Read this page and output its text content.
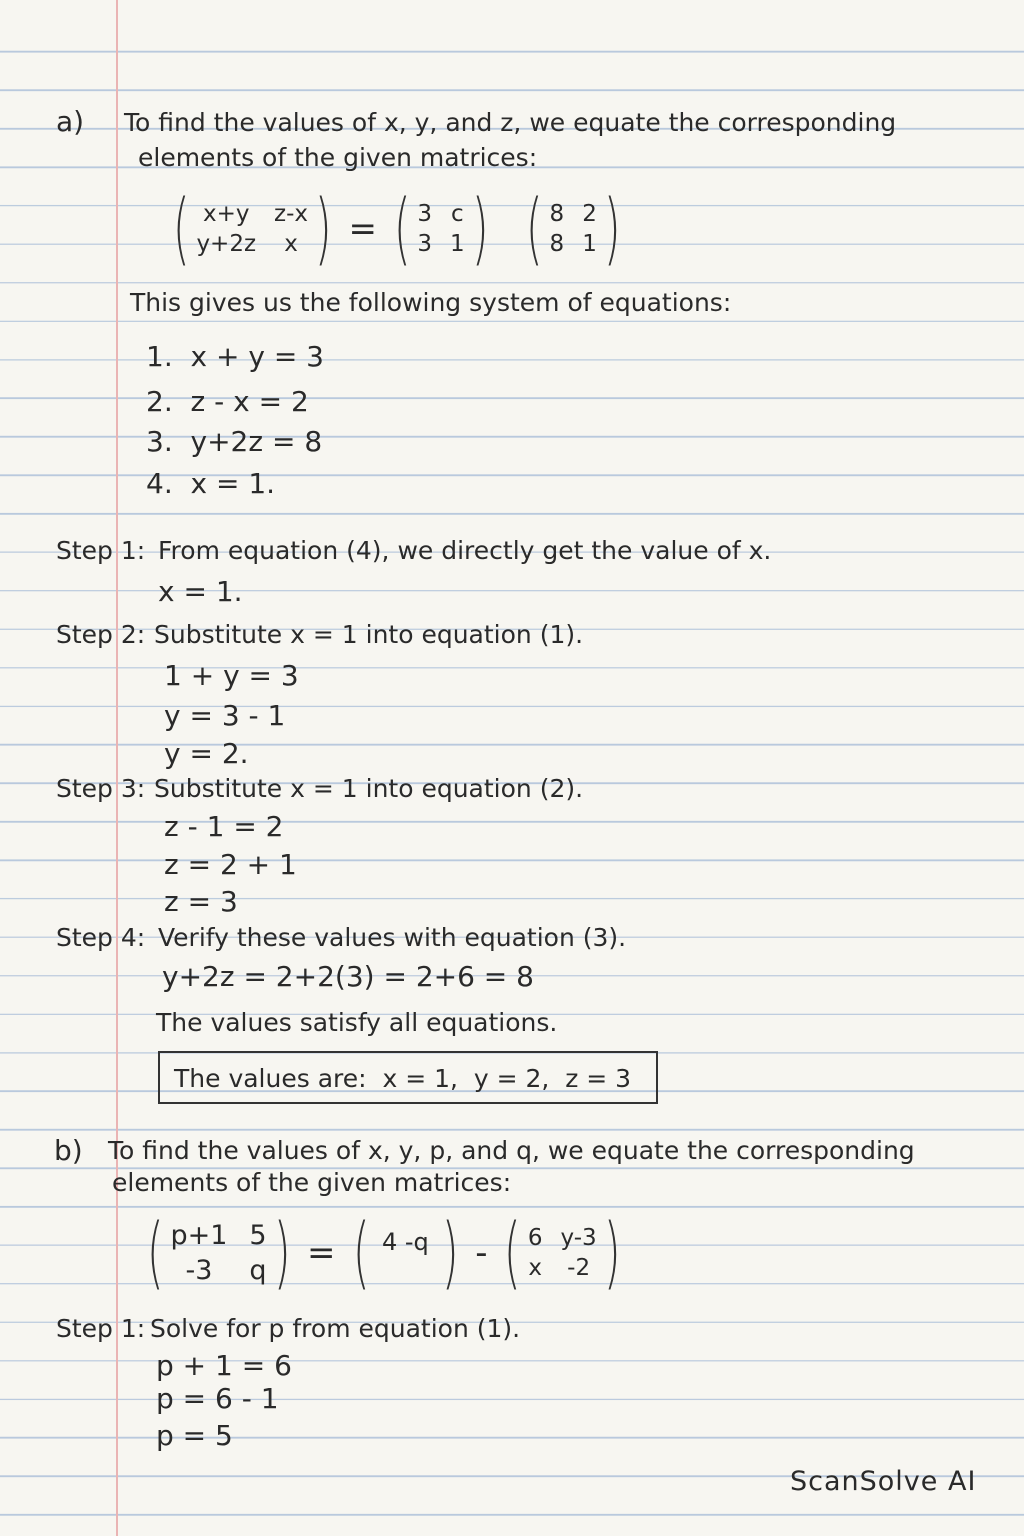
a) To find the values of x, y, and z, we equate the corresponding
elements of the given matrices:
( x+y z-x
y+2z	x ) = ( 3 c
3 1 ) ( 8 2
8 1 )
This gives us the following system of equations:
1.  x + y = 3
2.  z - x = 2
3.  y+2z = 8
4.  x = 1.
Step 1: From equation (4), we directly get the value of x.
x = 1.
Step 2: Substitute x = 1 into equation (1).
1 + y = 3
y = 3 - 1
y = 2.
Step 3: Substitute x = 1 into equation (2).
z - 1 = 2
z = 2 + 1
z = 3
Step 4: Verify these values with equation (3).
y+2z = 2+2(3) = 2+6 = 8
The values satisfy all equations.
The values are:  x = 1,  y = 2,  z = 3
b) To find the values of x, y, p, and q, we equate the corresponding
elements of the given matrices:
( p+1 5
-3	q ) = ( 4 -q ) - ( 6 y-3
x -2 )
Step 1: Solve for p from equation (1).
p + 1 = 6
p = 6 - 1
p = 5
ScanSolve AI
